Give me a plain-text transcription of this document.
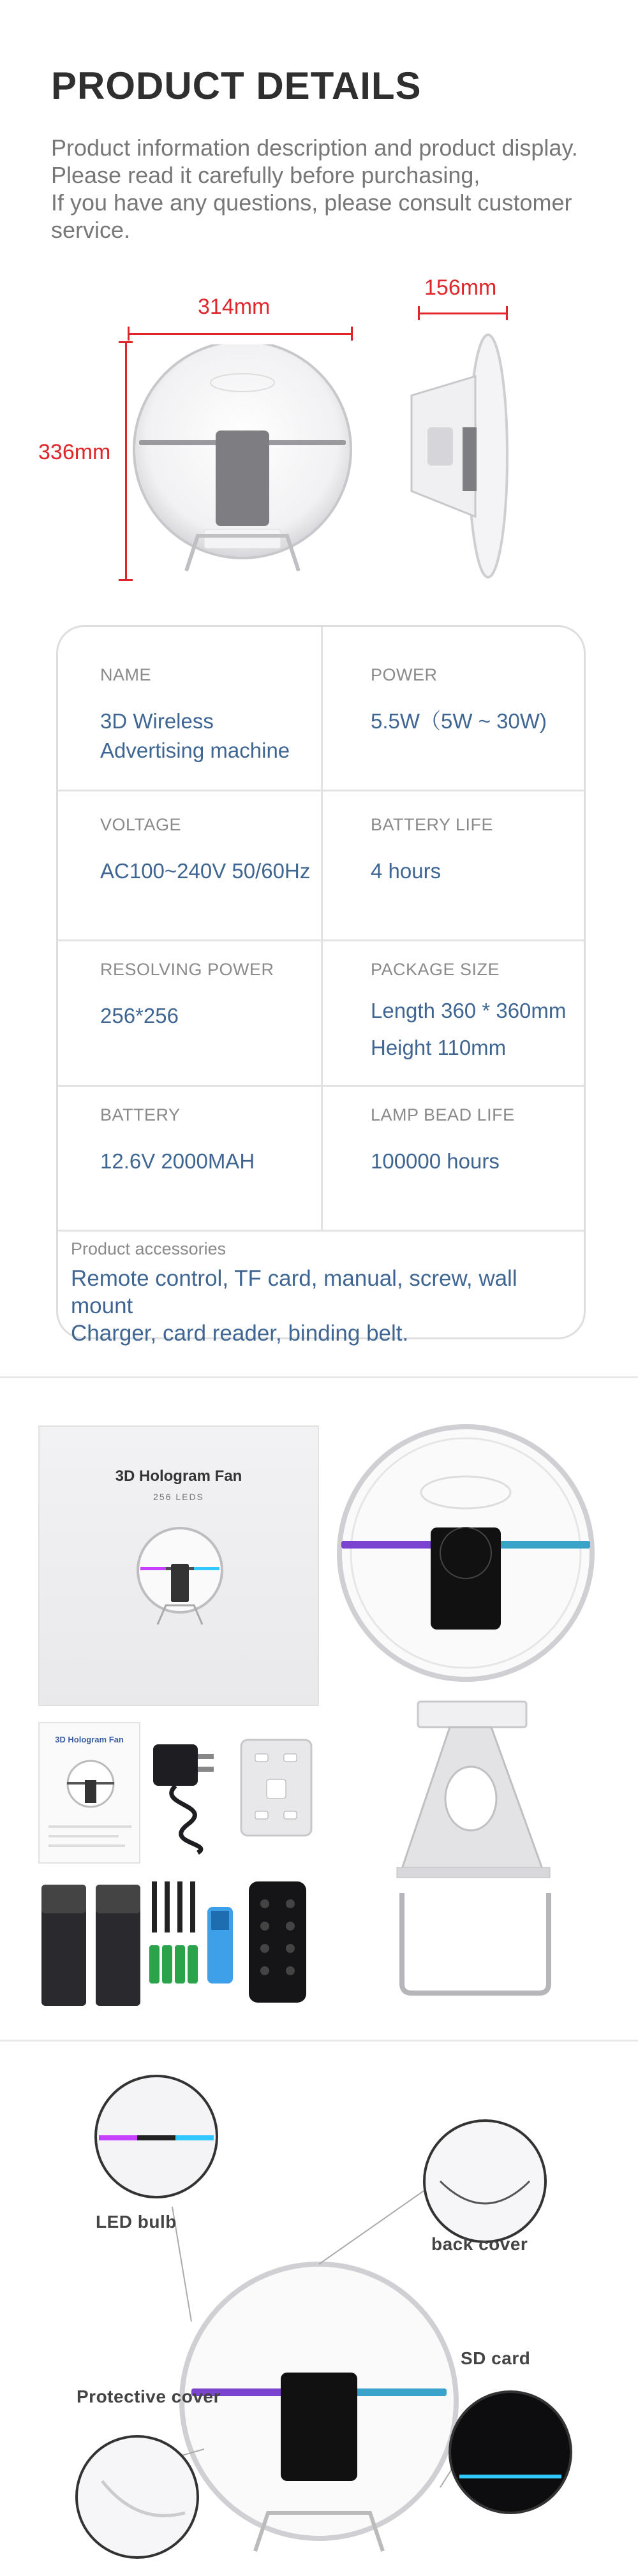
PRODUCT DETAILS

Product information description and product display.

Please read it carefully before purchasing,

If you have any questions, please consult customer service.

314mm
336mm
156mm
NAME
3D Wireless
Advertising machine
POWER
5.5W（5W ~ 30W)
VOLTAGE
AC100~240V 50/60Hz
BATTERY LIFE
4 hours
RESOLVING POWER
256*256
PACKAGE SIZE
Length 360 * 360mm
Height 110mm
BATTERY
12.6V 2000MAH
LAMP BEAD LIFE
100000 hours
Product accessories
Remote control, TF card, manual, screw, wall mount
Charger, card reader, binding belt.
3D Hologram Fan
256 LEDS
3D Hologram Fan
LED bulb
back cover
SD card
Protective cover
